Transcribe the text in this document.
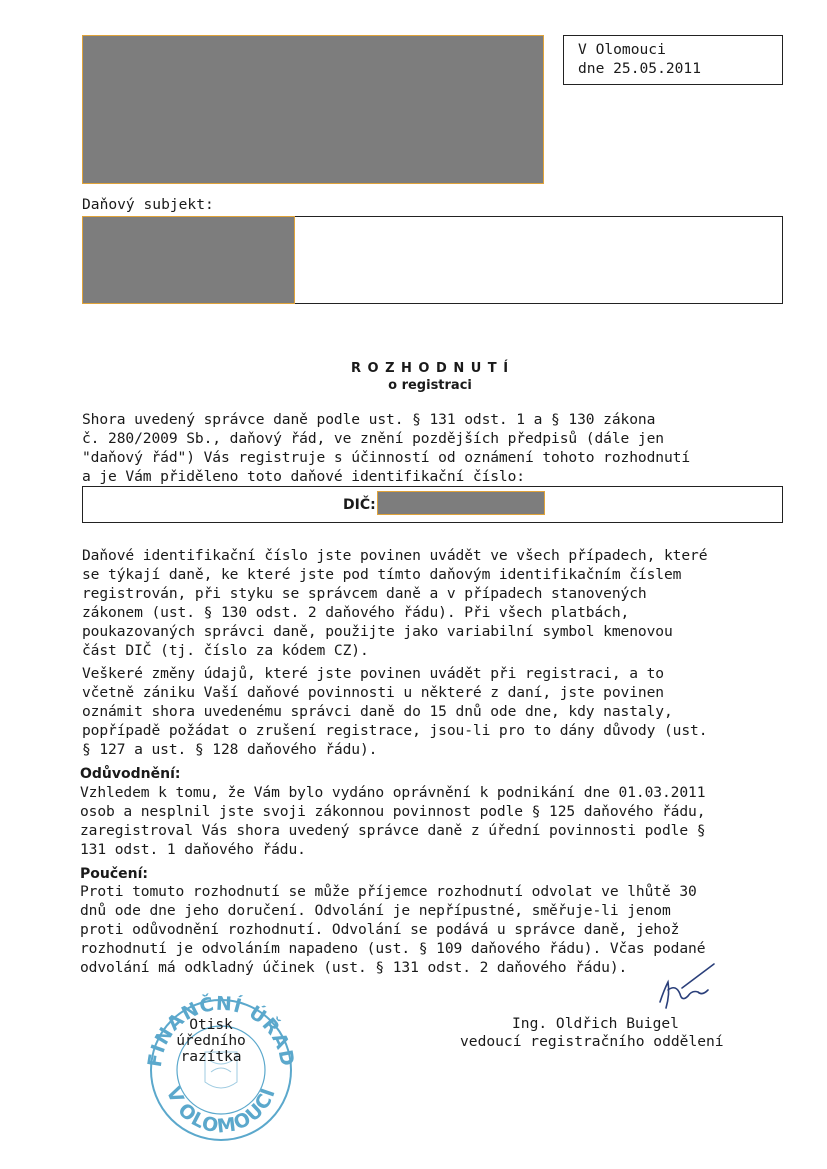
V Olomouci
dne 25.05.2011
Daňový subjekt:
R O Z H O D N U T Í
o registraci
Shora uvedený správce daně podle ust. § 131 odst. 1 a § 130 zákona
č. 280/2009 Sb., daňový řád, ve znění pozdějších předpisů (dále jen
"daňový řád") Vás registruje s účinností od oznámení tohoto rozhodnutí
a je Vám přiděleno toto daňové identifikační číslo:
DIČ:
Daňové identifikační číslo jste povinen uvádět ve všech případech, které
se týkají daně, ke které jste pod tímto daňovým identifikačním číslem
registrován, při styku se správcem daně a v případech stanovených
zákonem (ust. § 130 odst. 2 daňového řádu). Při všech platbách,
poukazovaných správci daně, použijte jako variabilní symbol kmenovou
část DIČ (tj. číslo za kódem CZ).
Veškeré změny údajů, které jste povinen uvádět při registraci, a to
včetně zániku Vaší daňové povinnosti u některé z daní, jste povinen
oznámit shora uvedenému správci daně do 15 dnů ode dne, kdy nastaly,
popřípadě požádat o zrušení registrace, jsou-li pro to dány důvody (ust.
§ 127 a ust. § 128 daňového řádu).
Odůvodnění:
Vzhledem k tomu, že Vám bylo vydáno oprávnění k podnikání dne 01.03.2011
osob a nesplnil jste svoji zákonnou povinnost podle § 125 daňového řádu,
zaregistroval Vás shora uvedený správce daně z úřední povinnosti podle §
131 odst. 1 daňového řádu.
Poučení:
Proti tomuto rozhodnutí se může příjemce rozhodnutí odvolat ve lhůtě 30
dnů ode dne jeho doručení. Odvolání je nepřípustné, směřuje-li jenom
proti odůvodnění rozhodnutí. Odvolání se podává u správce daně, jehož
rozhodnutí je odvoláním napadeno (ust. § 109 daňového řádu). Včas podané
odvolání má odkladný účinek (ust. § 131 odst. 2 daňového řádu).
FINANČNÍ ÚŘAD
V OLOMOUCI
Otisk
úředního
razítka
Ing. Oldřich Buigel
vedoucí registračního oddělení
